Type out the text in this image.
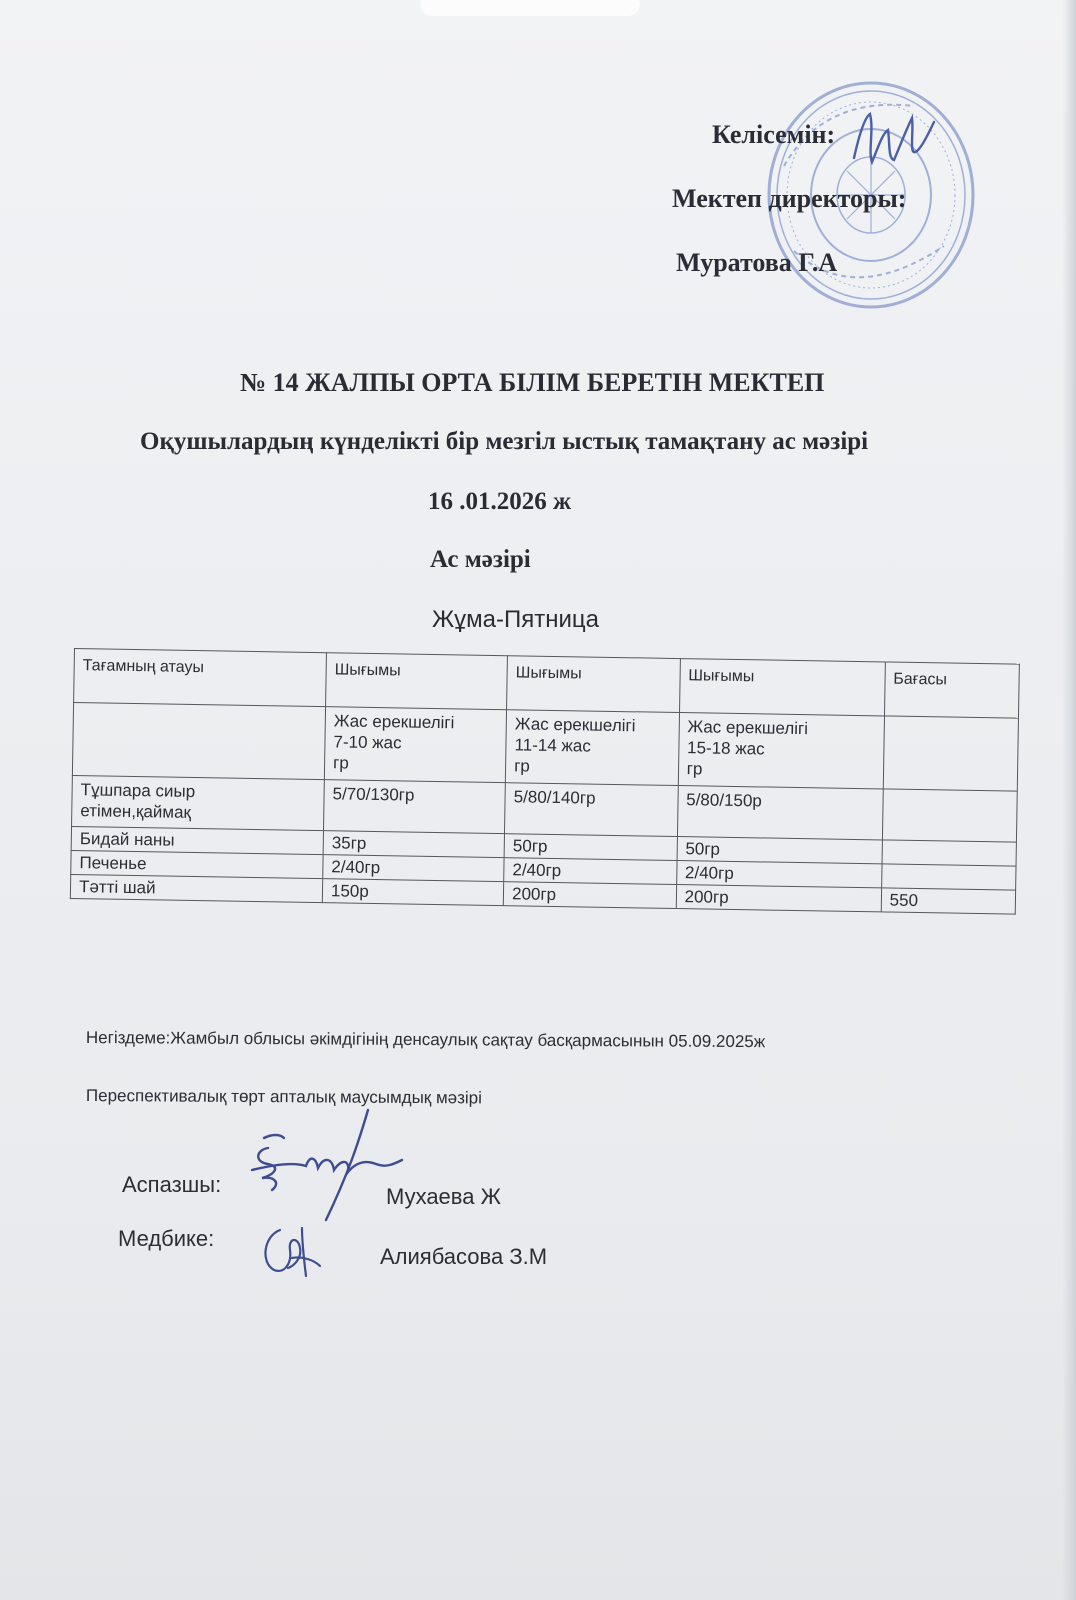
Келісемін:
Мектеп директоры:
Муратова Г.А
№ 14 ЖАЛПЫ ОРТА БІЛІМ БЕРЕТІН МЕКТЕП
Оқушылардың күнделікті бір мезгіл ыстық тамақтану ас мәзірі
16 .01.2026 ж
Ас мәзірі
Жұма-Пятница
Тағамның атауы	Шығымы	Шығымы	Шығымы	Бағасы
	Жас ерекшелігі
7-10 жас
гр	Жас ерекшелігі
11-14 жас
гр	Жас ерекшелігі
15-18 жас
гр	
Тұшпара сиыр
етімен,қаймақ	5/70/130гр	5/80/140гр	5/80/150р	
Бидай наны	35гр	50гр	50гр	
Печенье	2/40гр	2/40гр	2/40гр	
Тәтті шай	150р	200гр	200гр	550
Негіздеме:Жамбыл облысы әкімдігінің денсаулық сақтау басқармасынын 05.09.2025ж
Переспективалық төрт апталық маусымдық мәзірі
Аспазшы:	Мухаева Ж
Медбике:
Алиябасова З.М
